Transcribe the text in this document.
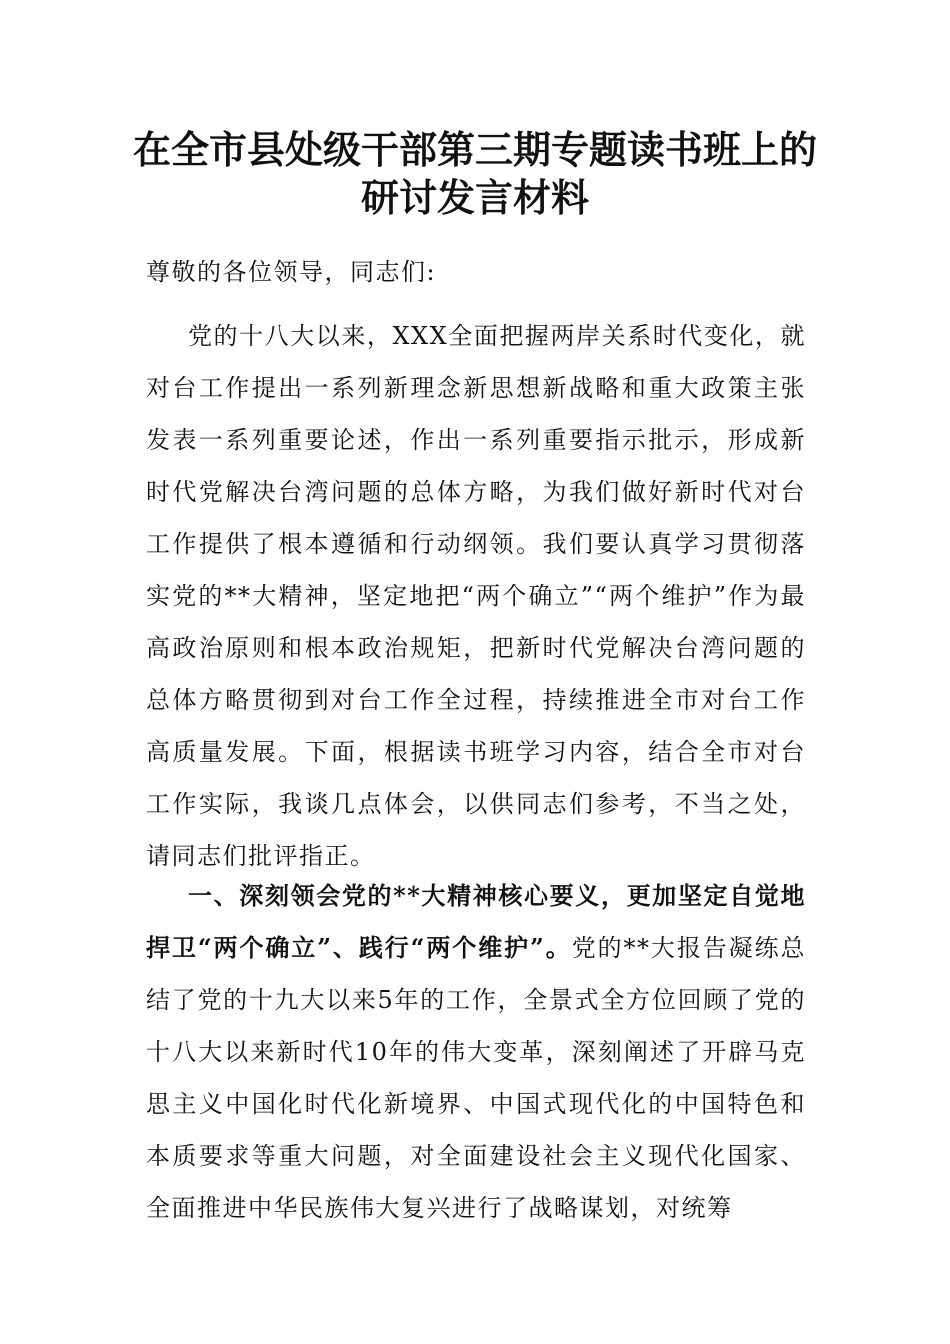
在全市县处级干部第三期专题读书班上的
研讨发言材料
尊敬的各位领导，同志们:
党的十八大以来，XXX全面把握两岸关系时代变化，就对台工作提出一系列新理念新思想新战略和重大政策主张发表一系列重要论述，作出一系列重要指示批示，形成新时代党解决台湾问题的总体方略，为我们做好新时代对台工作提供了根本遵循和行动纲领。我们要认真学习贯彻落实党的**大精神，坚定地把“两个确立”“两个维护”作为最高政治原则和根本政治规矩，把新时代党解决台湾问题的总体方略贯彻到对台工作全过程，持续推进全市对台工作高质量发展。下面，根据读书班学习内容，结合全市对台工作实际，我谈几点体会，以供同志们参考，不当之处，请同志们批评指正。
一、深刻领会党的**大精神核心要义，更加坚定自觉地捍卫“两个确立”、践行“两个维护”。党的**大报告凝练总结了党的十九大以来5年的工作，全景式全方位回顾了党的十八大以来新时代10年的伟大变革，深刻阐述了开辟马克思主义中国化时代化新境界、中国式现代化的中国特色和本质要求等重大问题，对全面建设社会主义现代化国家、全面推进中华民族伟大复兴进行了战略谋划，对统筹
